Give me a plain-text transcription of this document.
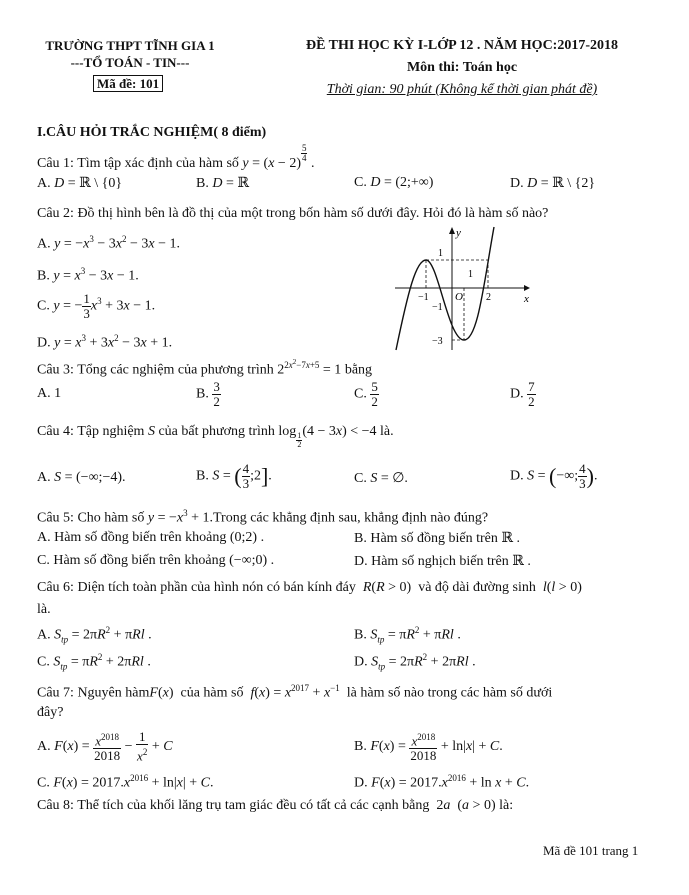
TRƯỜNG THPT TĨNH GIA 1
---TỔ TOÁN - TIN---
Mã đề: 101
ĐỀ THI HỌC KỲ I-LỚP 12 . NĂM HỌC:2017-2018
Môn thi: Toán học
Thời gian: 90 phút (Không kể thời gian phát đề)
I.CÂU HỎI TRẮC NGHIỆM( 8 điểm)
Câu 1: Tìm tập xác định của hàm số y = (x − 2)
$^{\frac{5}{4}}$
.
A. D = ℝ \ {0}	B. D = ℝ	C. D = (2;+∞)	D. D = ℝ \ {2}
Câu 2: Đồ thị hình bên là đồ thị của một trong bốn hàm số dưới đây. Hỏi đó là hàm số nào?
A. $y = -x^3 - 3x^2 - 3x - 1$.
B. $y = x^3 - 3x - 1$.
C. y = − $\frac{1}{3} x^3 + 3x - 1$.
D. $y = x^3 + 3x^2 - 3x + 1$.
y
x
O
1
1
−1	2
−1
−3
Câu 3: Tổng các nghiệm của phương trình $2^{2x^2-7x+5} = 1$ bằng
A. 1	B. $\frac{3}{2}$	C. $\frac{5}{2}$	D. $\frac{7}{2}$
Câu 4: Tập nghiệm S của bất phương trình log
$_{\frac{1}{2}}$
(4 − 3x) < −4 là.
A. S = (−∞;−4).	B. S = ( $\frac{4}{3}$ ;2].	C. S = ∅.	D. S = (−∞; $\frac{4}{3}$ ).
Câu 5: Cho hàm số $y = -x^3$ + 1.Trong các khẳng định sau, khẳng định nào đúng?
A. Hàm số đồng biến trên khoảng (0;2) .	B. Hàm số đồng biến trên ℝ .
C. Hàm số đồng biến trên khoảng (−∞;0) .	D. Hàm số nghịch biến trên ℝ .
Câu 6: Diện tích toàn phần của hình nón có bán kính đáy R(R > 0)  và độ dài đường sinh l(l > 0)
là.
A. $S_{tp} = 2\pi R^2 + \pi Rl$ .	B. $S_{tp} = \pi R^2 + \pi Rl$ .
C. $S_{tp} = \pi R^2 + 2\pi Rl$ .	D. $S_{tp} = 2\pi R^2 + 2\pi Rl$ .
Câu 7: Nguyên hàmF(x)  của hàm số $f(x) = x^{2017} + x^{-1}$ là hàm số nào trong các hàm số dưới
đây?
A. $F(x) = \frac{x^{2018}}{2018} - \frac{1}{x^2} + C$	B. $F(x) = \frac{x^{2018}}{2018} + \ln|x| + C$.
C. $F(x) = 2017.x^{2016} + \ln|x| + C$.	D. $F(x) = 2017.x^{2016} + \ln x + C$.
Câu 8: Thể tích của khối lăng trụ tam giác đều có tất cả các cạnh bằng  2a  (a > 0) là:
Mã đề 101 trang 1
